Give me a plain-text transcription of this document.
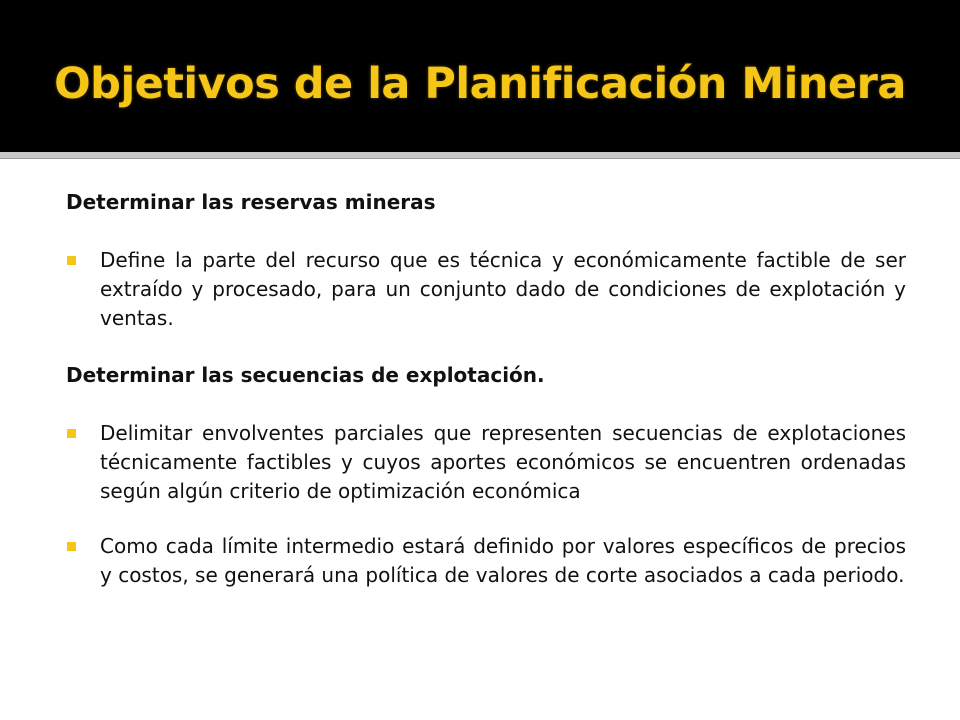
Objetivos de la Planificación Minera

Determinar las reservas mineras

Define la parte del recurso que es técnica y económicamente factible de ser extraído y procesado, para un conjunto dado de condiciones de explotación y ventas.

Determinar las secuencias de explotación.

Delimitar envolventes parciales que representen secuencias de explotaciones técnicamente factibles y cuyos aportes económicos se encuentren ordenadas según algún criterio de optimización económica
Como cada límite intermedio estará definido por valores específicos de precios y costos, se generará una política de valores de corte asociados a cada periodo.
